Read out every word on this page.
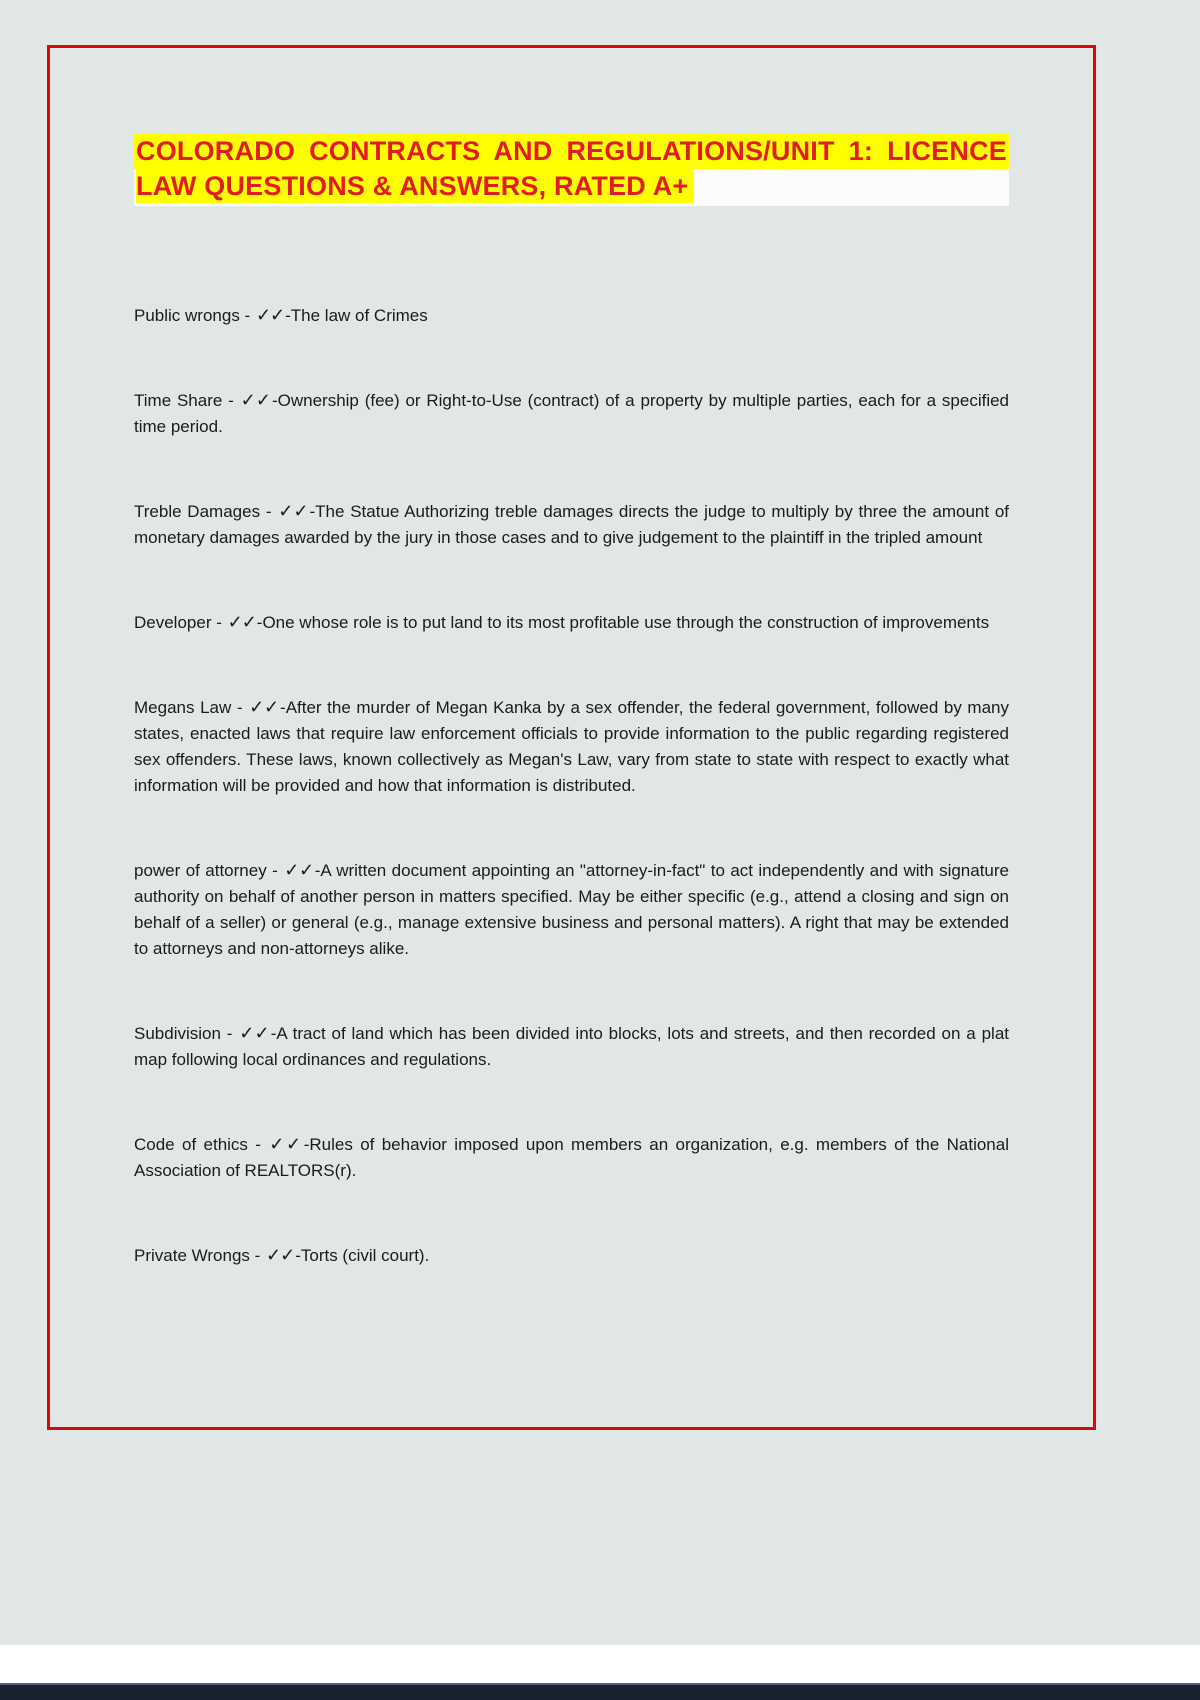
COLORADO CONTRACTS AND REGULATIONS/UNIT 1: LICENCE
LAW QUESTIONS & ANSWERS, RATED A+

Public wrongs - ✓✓-The law of Crimes

Time Share - ✓✓-Ownership (fee) or Right-to-Use (contract) of a property by multiple parties, each for a specified time period.

Treble Damages - ✓✓-The Statue Authorizing treble damages directs the judge to multiply by three the amount of monetary damages awarded by the jury in those cases and to give judgement to the plaintiff in the tripled amount

Developer - ✓✓-One whose role is to put land to its most profitable use through the construction of improvements

Megans Law - ✓✓-After the murder of Megan Kanka by a sex offender, the federal government, followed by many states, enacted laws that require law enforcement officials to provide information to the public regarding registered sex offenders. These laws, known collectively as Megan's Law, vary from state to state with respect to exactly what information will be provided and how that information is distributed.

power of attorney - ✓✓-A written document appointing an "attorney-in-fact" to act independently and with signature authority on behalf of another person in matters specified. May be either specific (e.g., attend a closing and sign on behalf of a seller) or general (e.g., manage extensive business and personal matters). A right that may be extended to attorneys and non-attorneys alike.

Subdivision - ✓✓-A tract of land which has been divided into blocks, lots and streets, and then recorded on a plat map following local ordinances and regulations.

Code of ethics - ✓✓-Rules of behavior imposed upon members an organization, e.g. members of the National Association of REALTORS(r).

Private Wrongs - ✓✓-Torts (civil court).
